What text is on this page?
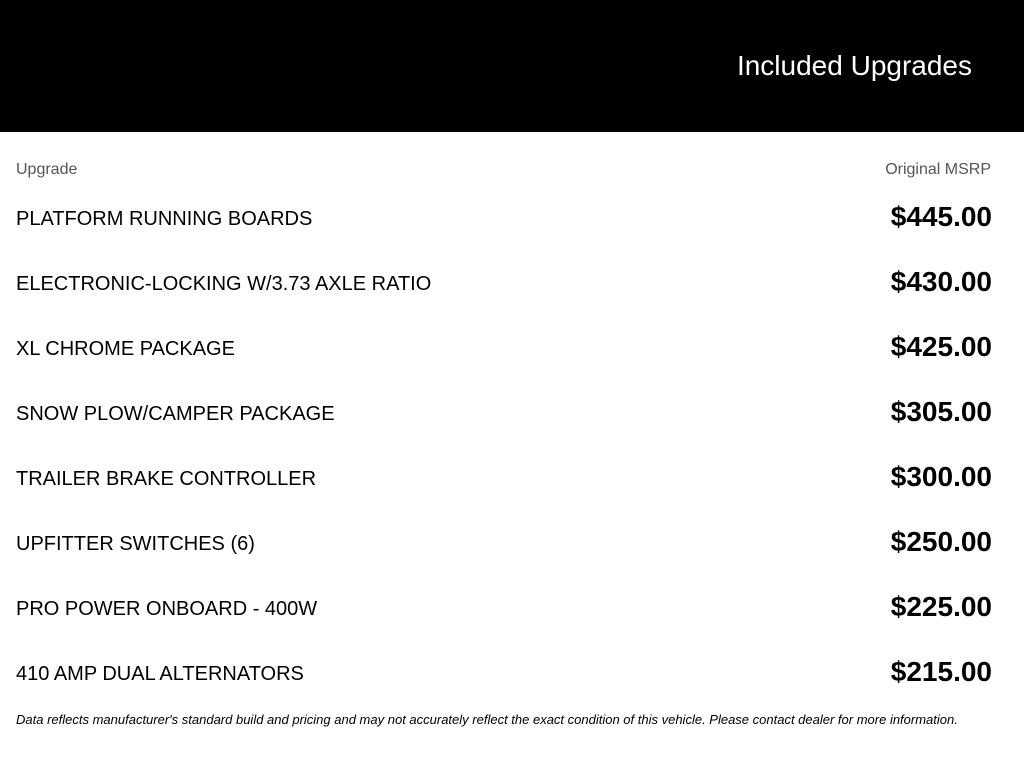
Included Upgrades
Upgrade	Original MSRP
PLATFORM RUNNING BOARDS	$445.00
ELECTRONIC-LOCKING W/3.73 AXLE RATIO	$430.00
XL CHROME PACKAGE	$425.00
SNOW PLOW/CAMPER PACKAGE	$305.00
TRAILER BRAKE CONTROLLER	$300.00
UPFITTER SWITCHES (6)	$250.00
PRO POWER ONBOARD - 400W	$225.00
410 AMP DUAL ALTERNATORS	$215.00
Data reflects manufacturer's standard build and pricing and may not accurately reflect the exact condition of this vehicle. Please contact dealer for more information.
